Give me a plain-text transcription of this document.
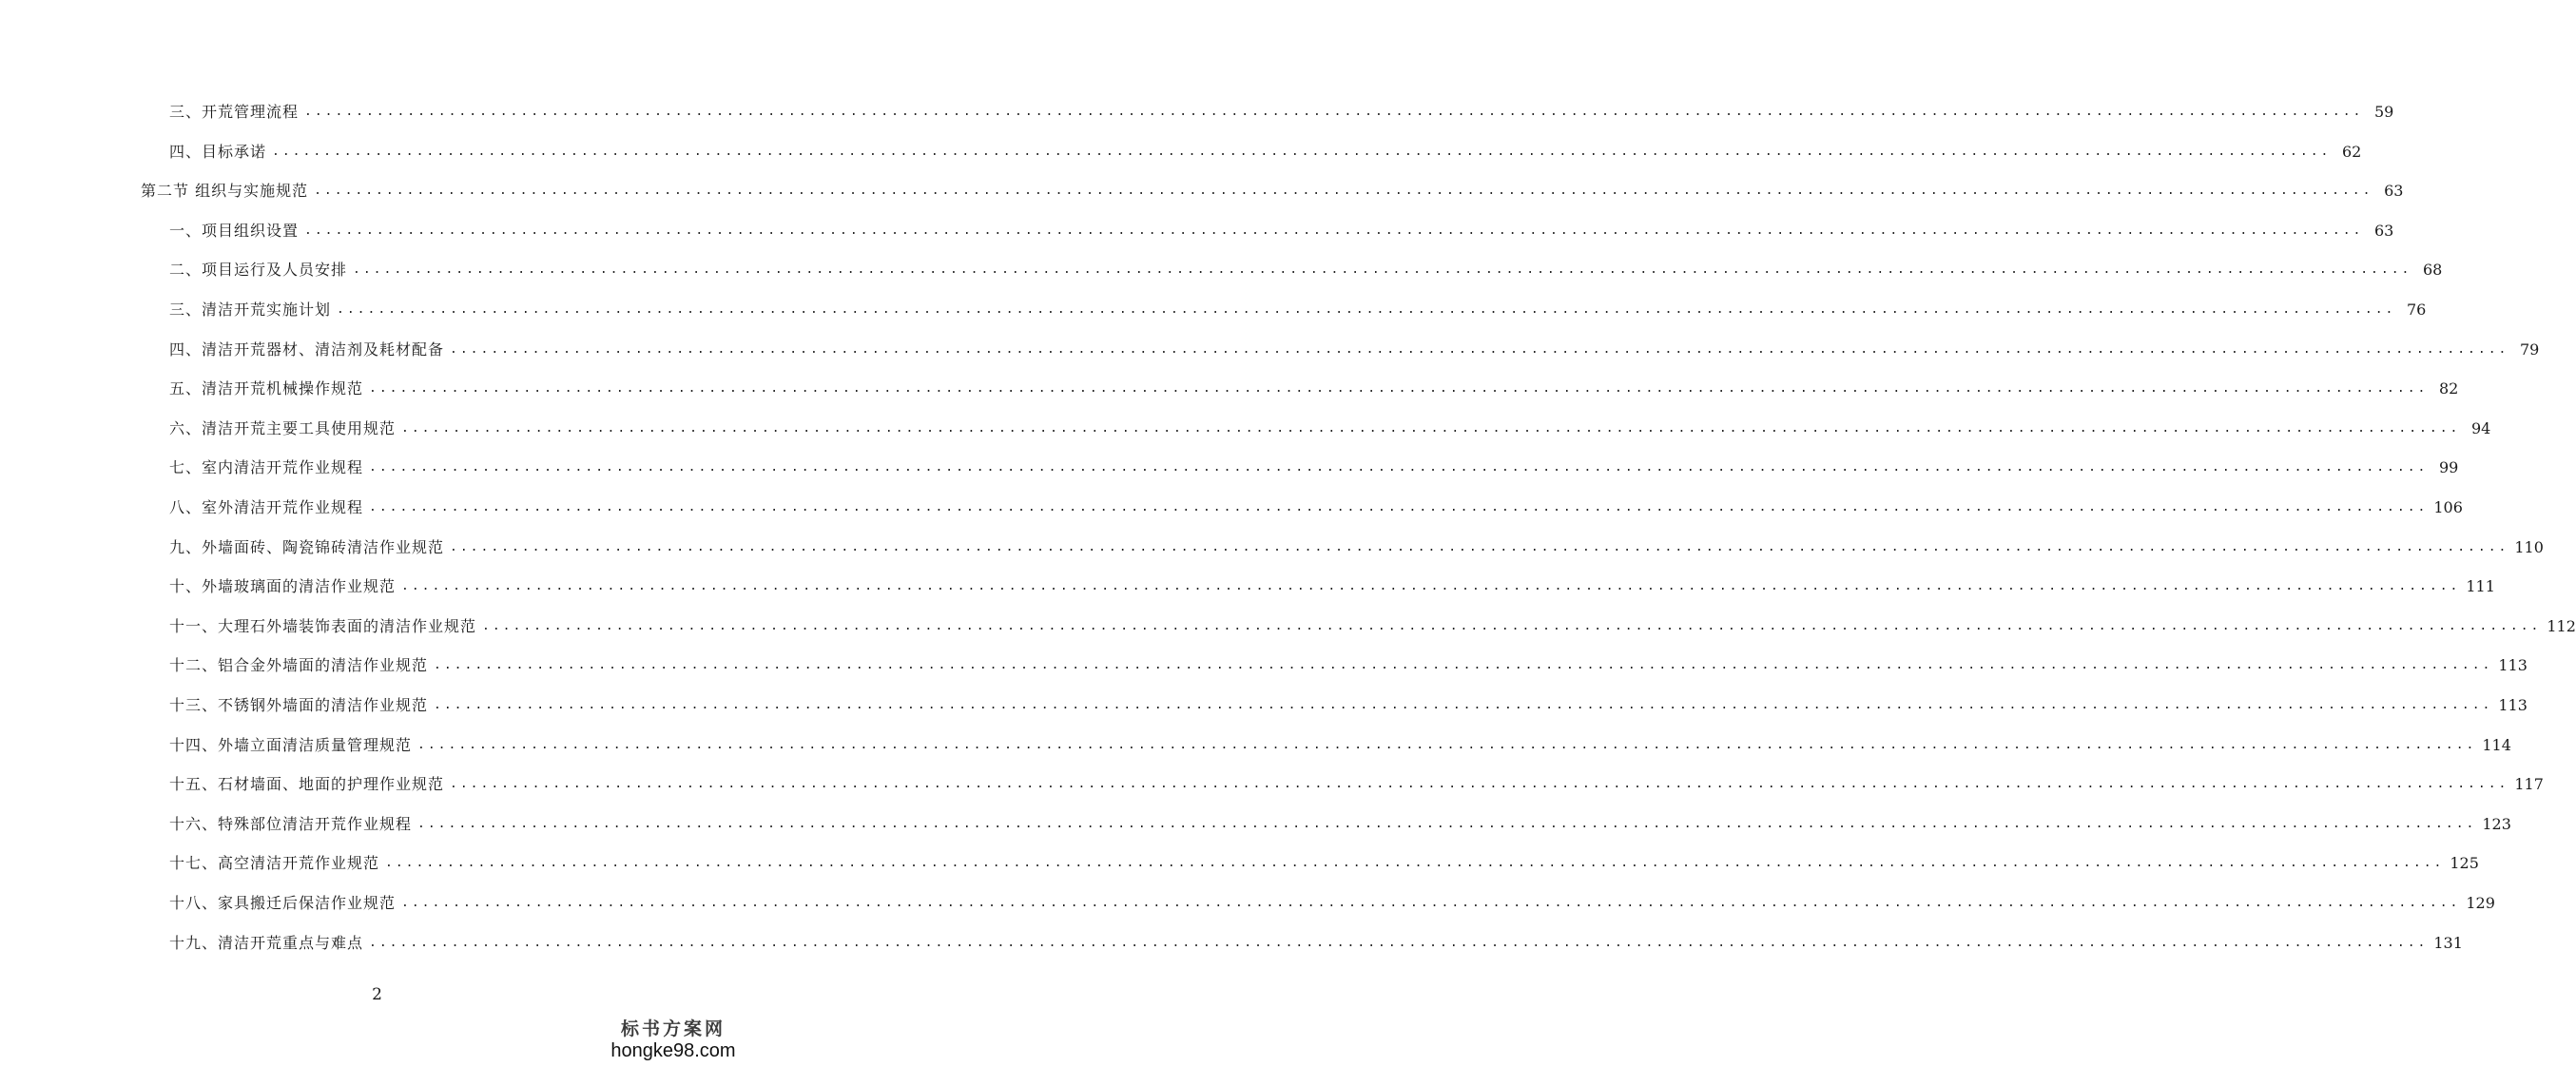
三、开荒管理流程 ........................................................................................................................................................................................................ 59
四、目标承诺 ........................................................................................................................................................................................................ 62
第二节 组织与实施规范 ........................................................................................................................................................................................................ 63
一、项目组织设置 ........................................................................................................................................................................................................ 63
二、项目运行及人员安排 ........................................................................................................................................................................................................ 68
三、清洁开荒实施计划 ........................................................................................................................................................................................................ 76
四、清洁开荒器材、清洁剂及耗材配备 ........................................................................................................................................................................................................ 79
五、清洁开荒机械操作规范 ........................................................................................................................................................................................................ 82
六、清洁开荒主要工具使用规范 ........................................................................................................................................................................................................ 94
七、室内清洁开荒作业规程 ........................................................................................................................................................................................................ 99
八、室外清洁开荒作业规程 ........................................................................................................................................................................................................ 106
九、外墙面砖、陶瓷锦砖清洁作业规范 ........................................................................................................................................................................................................ 110
十、外墙玻璃面的清洁作业规范 ........................................................................................................................................................................................................ 111
十一、大理石外墙装饰表面的清洁作业规范 ........................................................................................................................................................................................................ 112
十二、铝合金外墙面的清洁作业规范 ........................................................................................................................................................................................................ 113
十三、不锈钢外墙面的清洁作业规范 ........................................................................................................................................................................................................ 113
十四、外墙立面清洁质量管理规范 ........................................................................................................................................................................................................ 114
十五、石材墙面、地面的护理作业规范 ........................................................................................................................................................................................................ 117
十六、特殊部位清洁开荒作业规程 ........................................................................................................................................................................................................ 123
十七、高空清洁开荒作业规范 ........................................................................................................................................................................................................ 125
十八、家具搬迁后保洁作业规范 ........................................................................................................................................................................................................ 129
十九、清洁开荒重点与难点 ........................................................................................................................................................................................................ 131
2
标书方案网
hongke98.com
